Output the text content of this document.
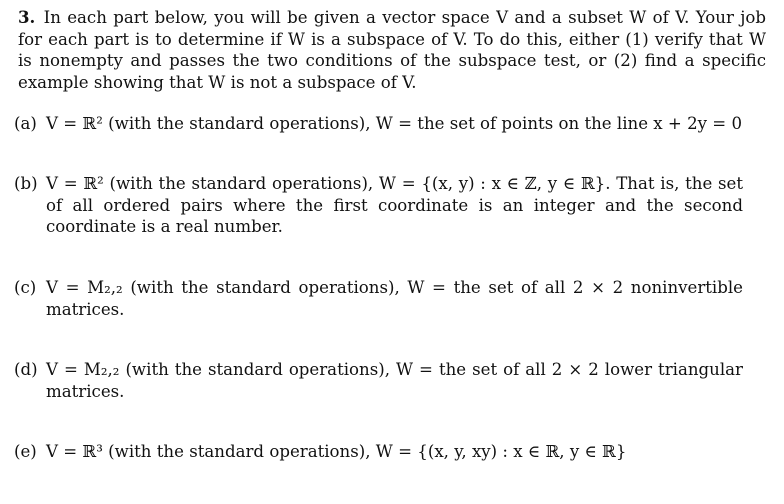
3. In each part below, you will be given a vector space V and a subset W of V. Your job for each part is to determine if W is a subspace of V. To do this, either (1) verify that W is nonempty and passes the two conditions of the subspace test, or (2) find a specific example showing that W is not a subspace of V.

(a) V = ℝ² (with the standard operations), W = the set of points on the line x + 2y = 0
(b) V = ℝ² (with the standard operations), W = {(x, y) : x ∈ ℤ, y ∈ ℝ}. That is, the set of all ordered pairs where the first coordinate is an integer and the second coordinate is a real number.
(c) V = M₂,₂ (with the standard operations), W = the set of all 2 × 2 noninvertible matrices.
(d) V = M₂,₂ (with the standard operations), W = the set of all 2 × 2 lower triangular matrices.
(e) V = ℝ³ (with the standard operations), W = {(x, y, xy) : x ∈ ℝ, y ∈ ℝ}
